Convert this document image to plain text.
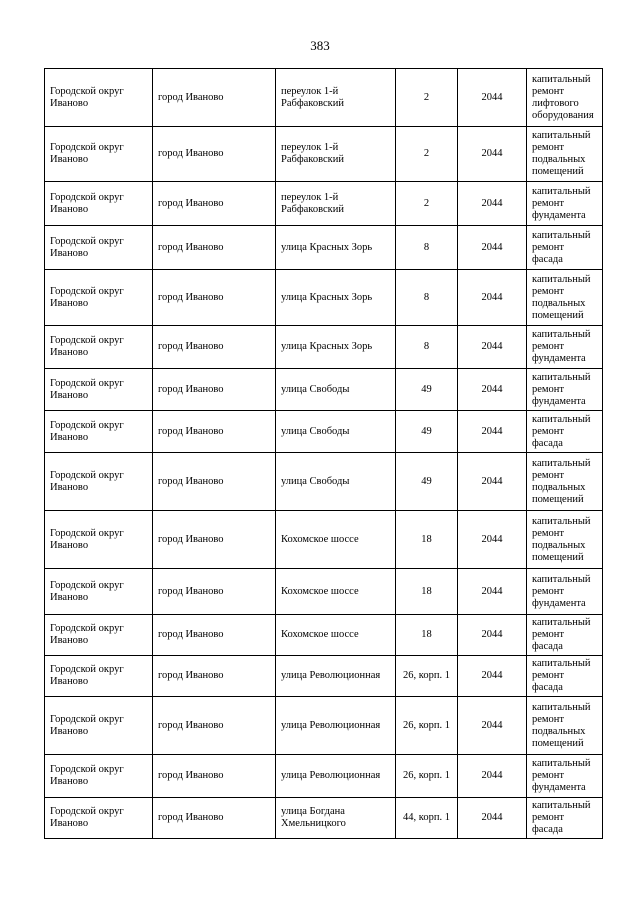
383
Городской округ Иваново	город Иваново	переулок 1-й Рабфаковский	2	2044	капитальный ремонт лифтового оборудования
Городской округ Иваново	город Иваново	переулок 1-й Рабфаковский	2	2044	капитальный ремонт подвальных помещений
Городской округ Иваново	город Иваново	переулок 1-й Рабфаковский	2	2044	капитальный ремонт фундамента
Городской округ Иваново	город Иваново	улица Красных Зорь	8	2044	капитальный ремонт фасада
Городской округ Иваново	город Иваново	улица Красных Зорь	8	2044	капитальный ремонт подвальных помещений
Городской округ Иваново	город Иваново	улица Красных Зорь	8	2044	капитальный ремонт фундамента
Городской округ Иваново	город Иваново	улица Свободы	49	2044	капитальный ремонт фундамента
Городской округ Иваново	город Иваново	улица Свободы	49	2044	капитальный ремонт фасада
Городской округ Иваново	город Иваново	улица Свободы	49	2044	капитальный ремонт подвальных помещений
Городской округ Иваново	город Иваново	Кохомское шоссе	18	2044	капитальный ремонт подвальных помещений
Городской округ Иваново	город Иваново	Кохомское шоссе	18	2044	капитальный ремонт фундамента
Городской округ Иваново	город Иваново	Кохомское шоссе	18	2044	капитальный ремонт фасада
Городской округ Иваново	город Иваново	улица Революционная	26, корп. 1	2044	капитальный ремонт фасада
Городской округ Иваново	город Иваново	улица Революционная	26, корп. 1	2044	капитальный ремонт подвальных помещений
Городской округ Иваново	город Иваново	улица Революционная	26, корп. 1	2044	капитальный ремонт фундамента
Городской округ Иваново	город Иваново	улица Богдана Хмельницкого	44, корп. 1	2044	капитальный ремонт фасада
